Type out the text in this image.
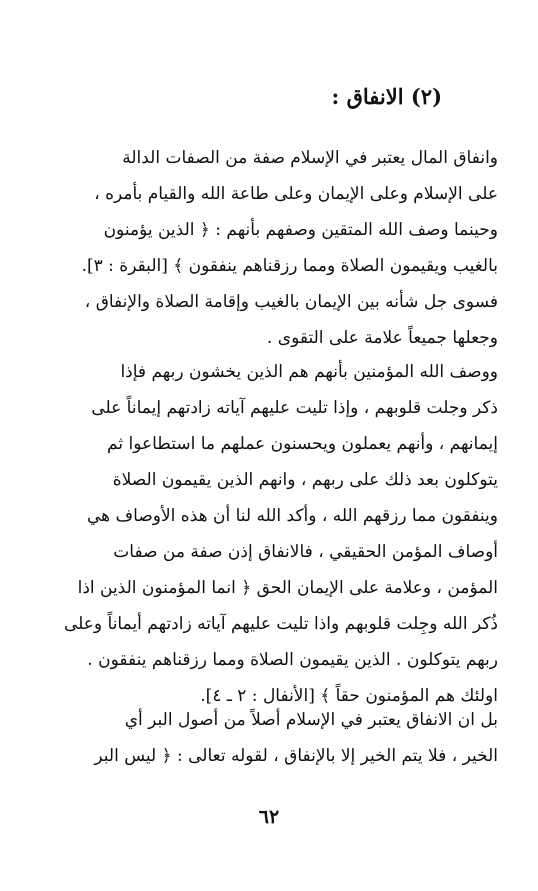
(٢) الانفاق :
وانفاق المال يعتبر في الإسلام صفة من الصفات الدالة
على الإسلام وعلى الإيمان وعلى طاعة الله والقيام بأمره ،
وحينما وصف الله المتقين وصفهم بأنهم : ﴿ الذين يؤمنون
بالغيب ويقيمون الصلاة ومما رزقناهم ينفقون ﴾ [البقرة : ٣].
فسوى جل شأنه بين الإيمان بالغيب وإقامة الصلاة والإنفاق ،
وجعلها جميعاً علامة على التقوى .
ووصف الله المؤمنين بأنهم هم الذين يخشون ربهم فإذا
ذكر وجلت قلوبهم ، وإذا تليت عليهم آياته زادتهم إيماناً على
إيمانهم ، وأنهم يعملون ويحسنون عملهم ما استطاعوا ثم
يتوكلون بعد ذلك على ربهم ، وانهم الذين يقيمون الصلاة
وينفقون مما رزقهم الله ، وأكد الله لنا أن هذه الأوصاف هي
أوصاف المؤمن الحقيقي ، فالانفاق إذن صفة من صفات
المؤمن ، وعلامة على الإيمان الحق ﴿ انما المؤمنون الذين اذا
ذُكر الله وجِلت قلوبهم واذا تليت عليهم آياته زادتهم أيماناً وعلى
ربهم يتوكلون . الذين يقيمون الصلاة ومما رزقناهم ينفقون .
اولئك هم المؤمنون حقاً ﴾ [الأنفال : ٢ ـ ٤].
بل ان الانفاق يعتبر في الإسلام أصلاً من أصول البر أي
الخير ، فلا يتم الخير إلا بالإنفاق ، لقوله تعالى : ﴿ ليس البر
٦٢
